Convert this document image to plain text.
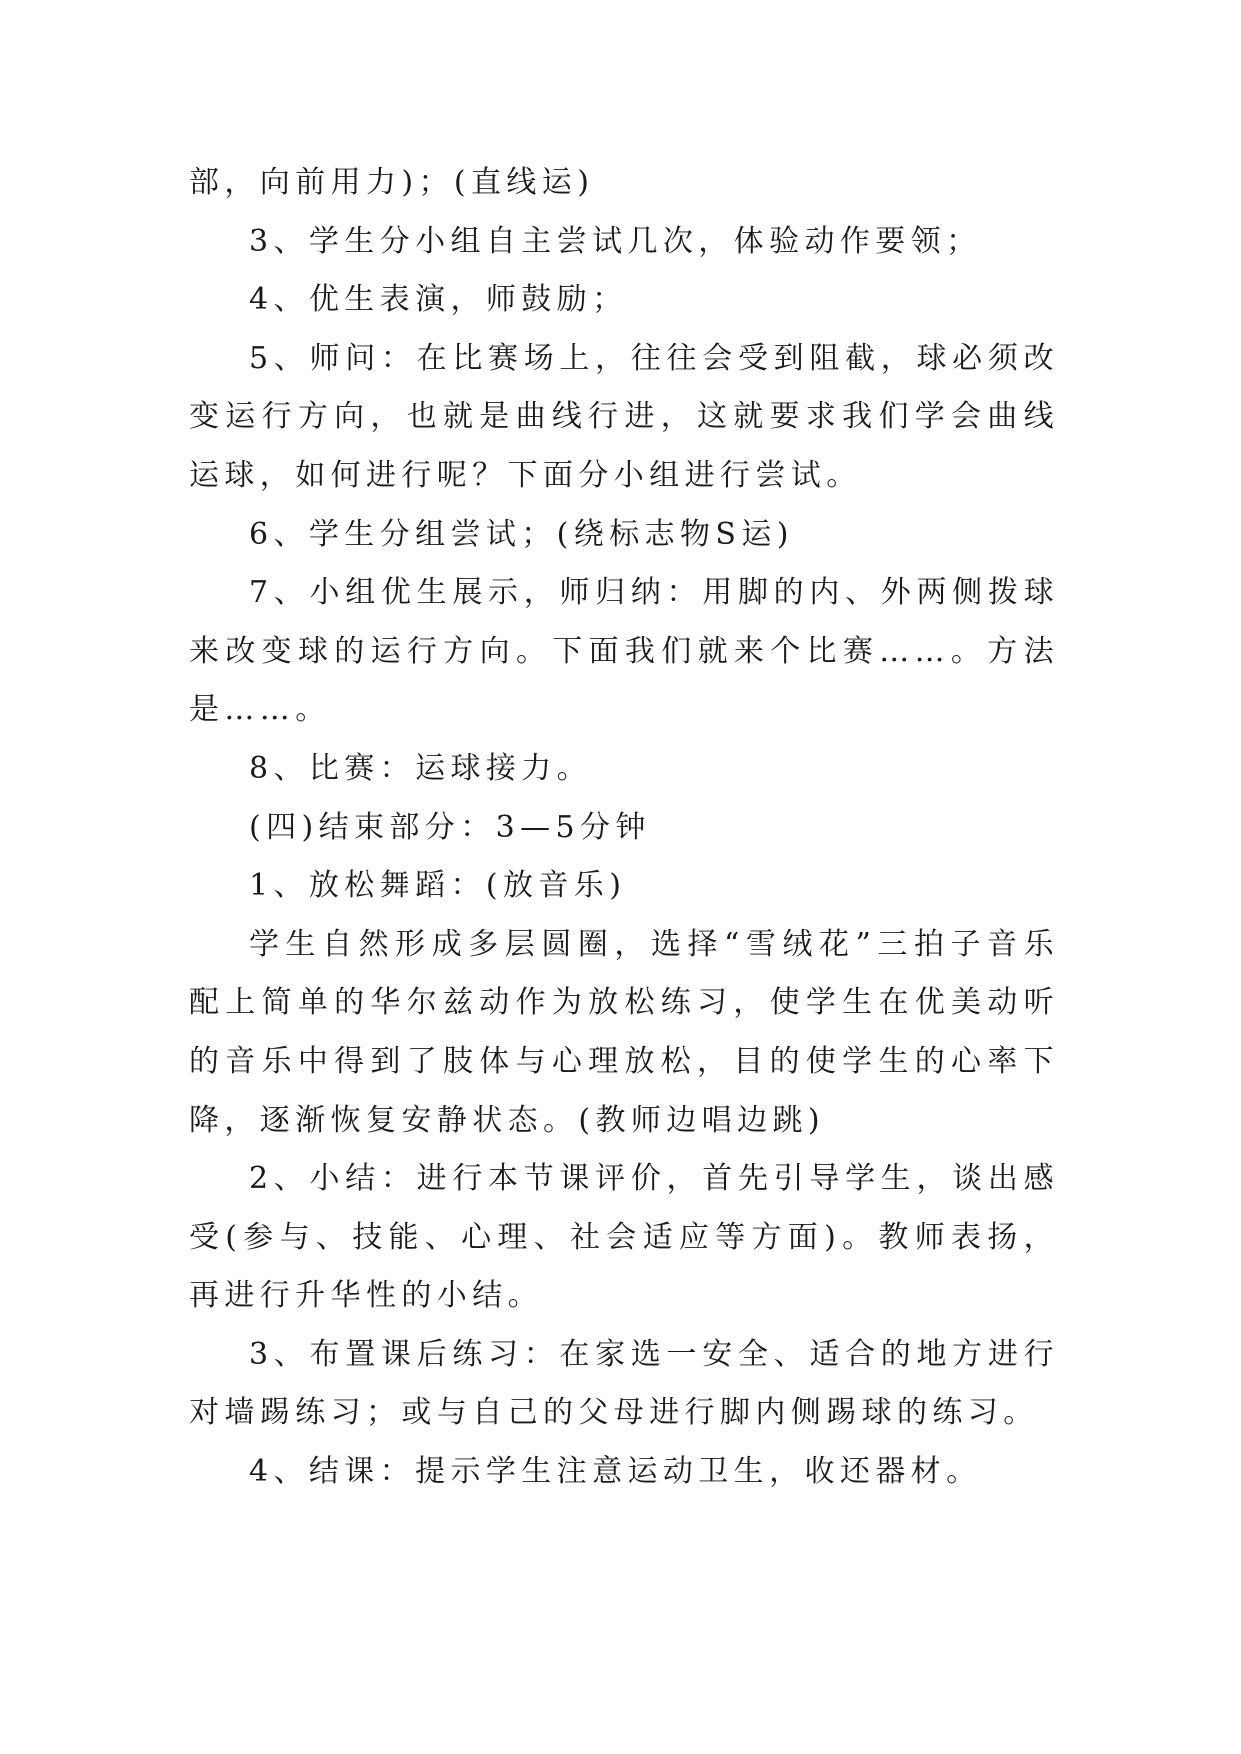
部，向前用力)；(直线运)

3、学生分小组自主尝试几次，体验动作要领；

4、优生表演，师鼓励；

5、师问：在比赛场上，往往会受到阻截，球必须改变运行方向，也就是曲线行进，这就要求我们学会曲线运球，如何进行呢？下面分小组进行尝试。

6、学生分组尝试；(绕标志物S运)

7、小组优生展示，师归纳：用脚的内、外两侧拨球来改变球的运行方向。下面我们就来个比赛……。方法是……。

8、比赛：运球接力。

(四)结束部分：3—5分钟

1、放松舞蹈：(放音乐)

学生自然形成多层圆圈，选择“雪绒花”三拍子音乐配上简单的华尔兹动作为放松练习，使学生在优美动听的音乐中得到了肢体与心理放松，目的使学生的心率下降，逐渐恢复安静状态。(教师边唱边跳)

2、小结：进行本节课评价，首先引导学生，谈出感受(参与、技能、心理、社会适应等方面)。教师表扬，再进行升华性的小结。

3、布置课后练习：在家选一安全、适合的地方进行对墙踢练习；或与自己的父母进行脚内侧踢球的练习。

4、结课：提示学生注意运动卫生，收还器材。
